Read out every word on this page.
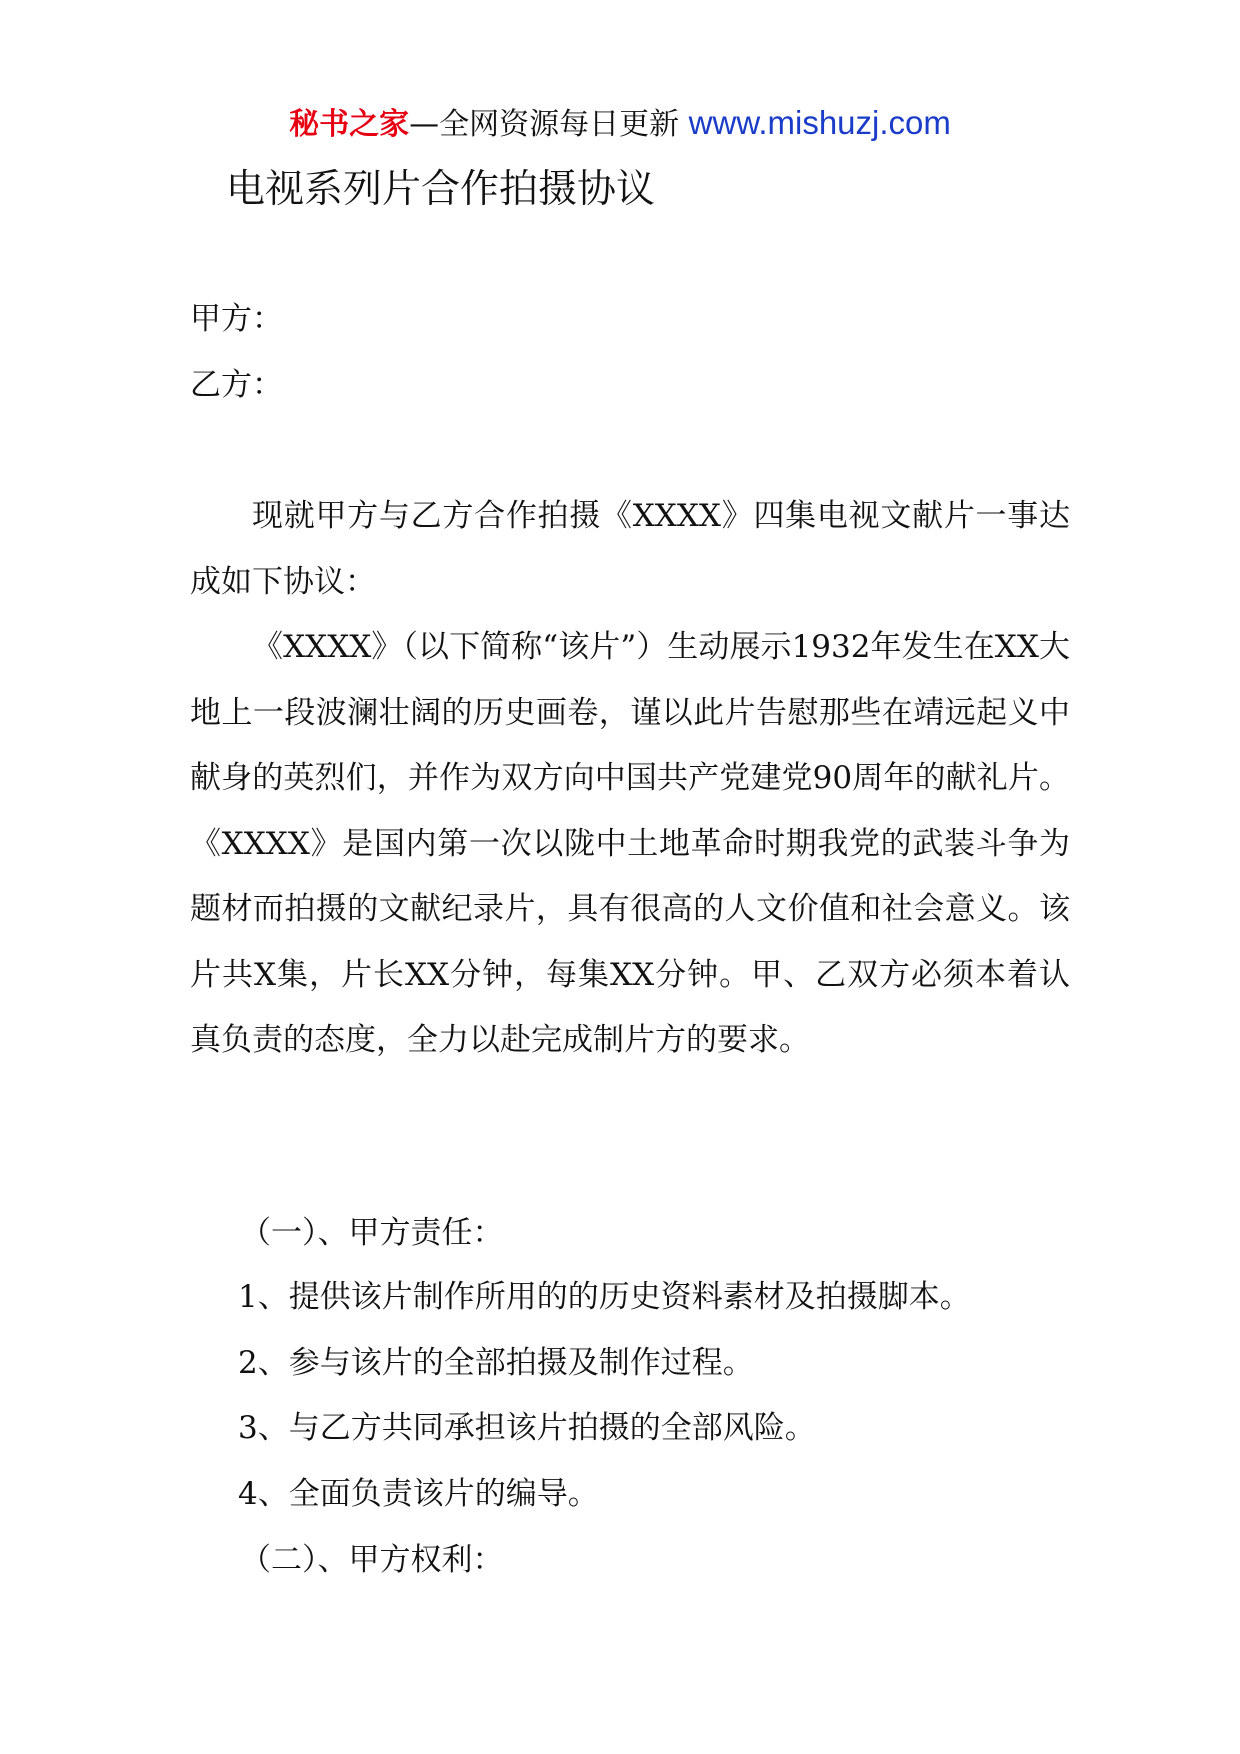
秘书之家—全网资源每日更新 www.mishuzj.com
电视系列片合作拍摄协议
甲方：
乙方：

现就甲方与乙方合作拍摄《XXXX》四集电视文献片一事达成如下协议：

《XXXX》（以下简称“该片”）生动展示1932年发生在XX大地上一段波澜壮阔的历史画卷，谨以此片告慰那些在靖远起义中献身的英烈们，并作为双方向中国共产党建党90周年的献礼片。《XXXX》是国内第一次以陇中土地革命时期我党的武装斗争为题材而拍摄的文献纪录片，具有很高的人文价值和社会意义。该片共X集，片长XX分钟，每集XX分钟。甲、乙双方必须本着认真负责的态度，全力以赴完成制片方的要求。

（一）、甲方责任：
1、提供该片制作所用的的历史资料素材及拍摄脚本。
2、参与该片的全部拍摄及制作过程。
3、与乙方共同承担该片拍摄的全部风险。
4、全面负责该片的编导。
（二）、甲方权利：
